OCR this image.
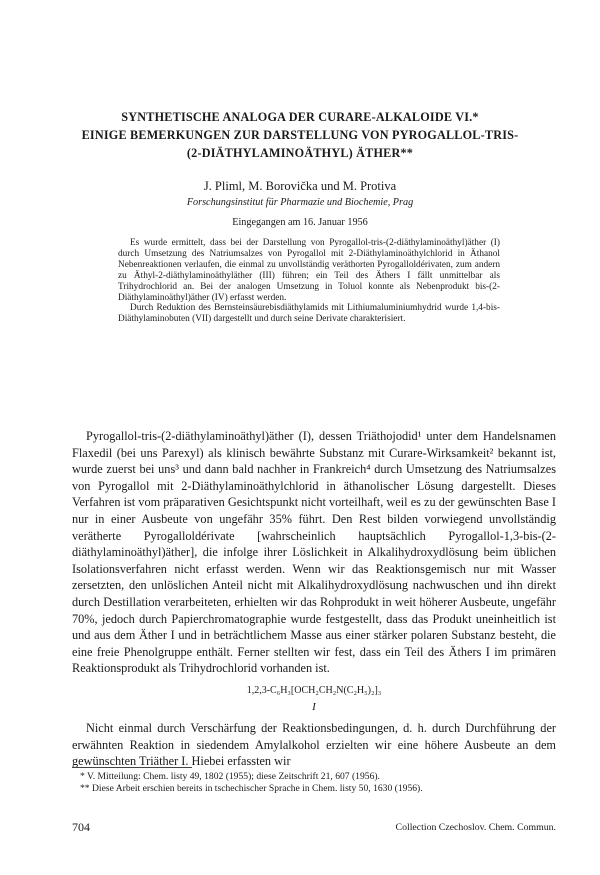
SYNTHETISCHE ANALOGA DER CURARE-ALKALOIDE VI.*
EINIGE BEMERKUNGEN ZUR DARSTELLUNG VON PYROGALLOL-TRIS-
(2-DIÄTHYLAMINOÄTHYL) ÄTHER**

J. Pliml, M. Borovička und M. Protiva

Forschungsinstitut für Pharmazie und Biochemie, Prag

Eingegangen am 16. Januar 1956

Es wurde ermittelt, dass bei der Darstellung von Pyrogallol-tris-(2-diäthylaminoäthyl)äther (I) durch Umsetzung des Natriumsalzes von Pyrogallol mit 2-Diäthylaminoäthylchlorid in Äthanol Nebenreaktionen verlaufen, die einmal zu unvollständig veräthorten Pyrogalloldérivaten, zum andern zu Äthyl-2-diäthylaminoäthyläther (III) führen; ein Teil des Äthers I fällt unmittelbar als Trihydrochlorid an. Bei der analogen Umsetzung in Toluol konnte als Nebenprodukt bis-(2-Diäthylaminoäthyl)äther (IV) erfasst werden.

Durch Reduktion des Bernsteinsäurebisdiäthylamids mit Lithiumaluminiumhydrid wurde 1,4-bis-Diäthylaminobuten (VII) dargestellt und durch seine Derivate charakterisiert.

Pyrogallol-tris-(2-diäthylaminoäthyl)äther (I), dessen Triäthojodid¹ unter dem Handelsnamen Flaxedil (bei uns Parexyl) als klinisch bewährte Substanz mit Curare-Wirksamkeit² bekannt ist, wurde zuerst bei uns³ und dann bald nachher in Frankreich⁴ durch Umsetzung des Natriumsalzes von Pyrogallol mit 2-Diäthylaminoäthylchlorid in äthanolischer Lösung dargestellt. Dieses Verfahren ist vom präparativen Gesichtspunkt nicht vorteilhaft, weil es zu der gewünschten Base I nur in einer Ausbeute von ungefähr 35% führt. Den Rest bilden vorwiegend unvollständig verätherte Pyrogalloldérivate [wahrscheinlich hauptsächlich Pyrogallol-1,3-bis-(2-diäthylaminoäthyl)äther], die infolge ihrer Löslichkeit in Alkalihydroxydlösung beim üblichen Isolationsverfahren nicht erfasst werden. Wenn wir das Reaktionsgemisch nur mit Wasser zersetzten, den unlöslichen Anteil nicht mit Alkalihydroxydlösung nachwuschen und ihn direkt durch Destillation verarbeiteten, erhielten wir das Rohprodukt in weit höherer Ausbeute, ungefähr 70%, jedoch durch Papierchromatographie wurde festgestellt, dass das Produkt uneinheitlich ist und aus dem Äther I und in beträchtlichem Masse aus einer stärker polaren Substanz besteht, die eine freie Phenolgruppe enthält. Ferner stellten wir fest, dass ein Teil des Äthers I im primären Reaktionsprodukt als Trihydrochlorid vorhanden ist.

1,2,3-C₆H₃[OCH₂CH₂N(C₂H₅)₂]₃

I

Nicht einmal durch Verschärfung der Reaktionsbedingungen, d. h. durch Durchführung der erwähnten Reaktion in siedendem Amylalkohol erzielten wir eine höhere Ausbeute an dem gewünschten Triäther I. Hiebei erfassten wir

* V. Mitteilung: Chem. listy 49, 1802 (1955); diese Zeitschrift 21, 607 (1956).

** Diese Arbeit erschien bereits in tschechischer Sprache in Chem. listy 50, 1630 (1956).

704	Collection Czechoslov. Chem. Commun.
